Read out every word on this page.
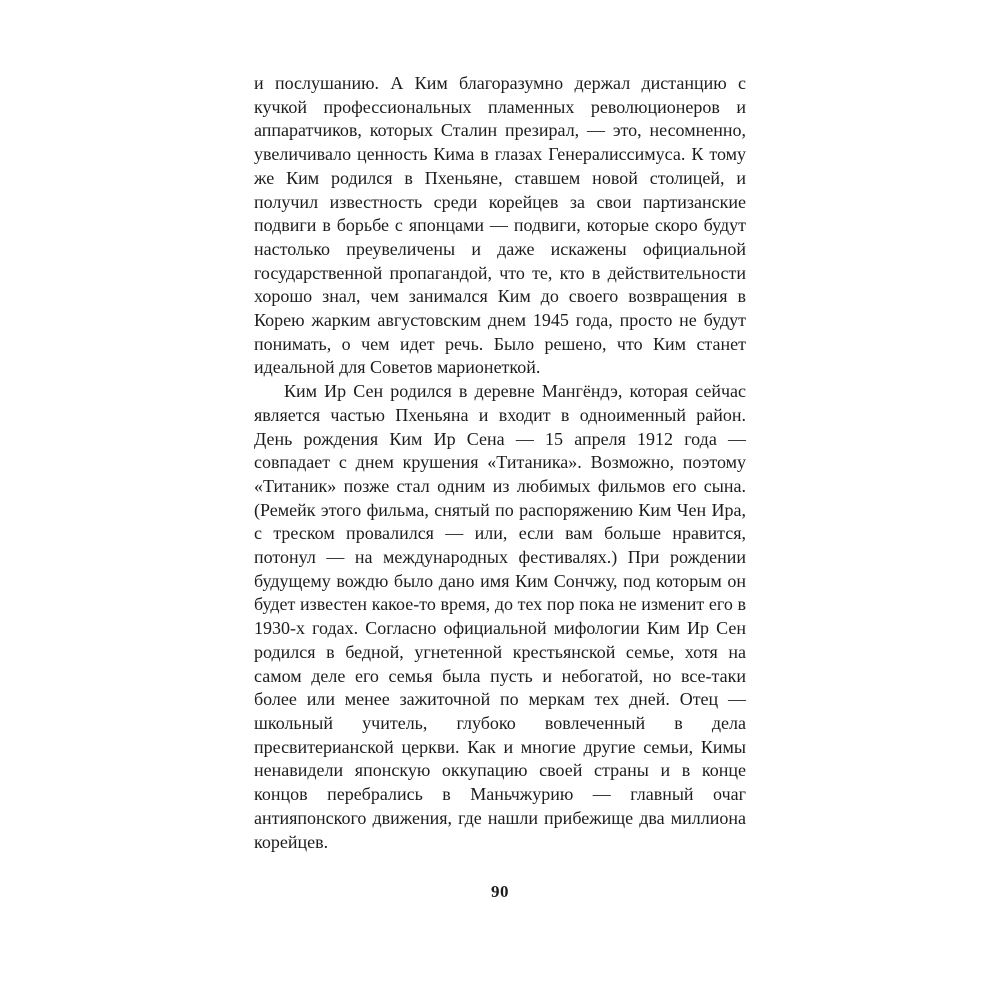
и послушанию. А Ким благоразумно держал дистанцию с кучкой профессиональных пламенных революционеров и аппаратчиков, которых Сталин презирал, — это, несомненно, увеличивало ценность Кима в глазах Генералиссимуса. К тому же Ким родился в Пхеньяне, ставшем новой столицей, и получил известность среди корейцев за свои партизанские подвиги в борьбе с японцами — подвиги, которые скоро будут настолько преувеличены и даже искажены официальной государственной пропагандой, что те, кто в действительности хорошо знал, чем занимался Ким до своего возвращения в Корею жарким августовским днем 1945 года, просто не будут понимать, о чем идет речь. Было решено, что Ким станет идеальной для Советов марионеткой.

Ким Ир Сен родился в деревне Мангёндэ, которая сейчас является частью Пхеньяна и входит в одноименный район. День рождения Ким Ир Сена — 15 апреля 1912 года — совпадает с днем крушения «Титаника». Возможно, поэтому «Титаник» позже стал одним из любимых фильмов его сына. (Ремейк этого фильма, снятый по распоряжению Ким Чен Ира, с треском провалился — или, если вам больше нравится, потонул — на международных фестивалях.) При рождении будущему вождю было дано имя Ким Сончжу, под которым он будет известен какое-то время, до тех пор пока не изменит его в 1930-х годах. Согласно официальной мифологии Ким Ир Сен родился в бедной, угнетенной крестьянской семье, хотя на самом деле его семья была пусть и небогатой, но все-таки более или менее зажиточной по меркам тех дней. Отец — школьный учитель, глубоко вовлеченный в дела пресвитерианской церкви. Как и многие другие семьи, Кимы ненавидели японскую оккупацию своей страны и в конце концов перебрались в Маньчжурию — главный очаг антияпонского движения, где нашли прибежище два миллиона корейцев.

90
